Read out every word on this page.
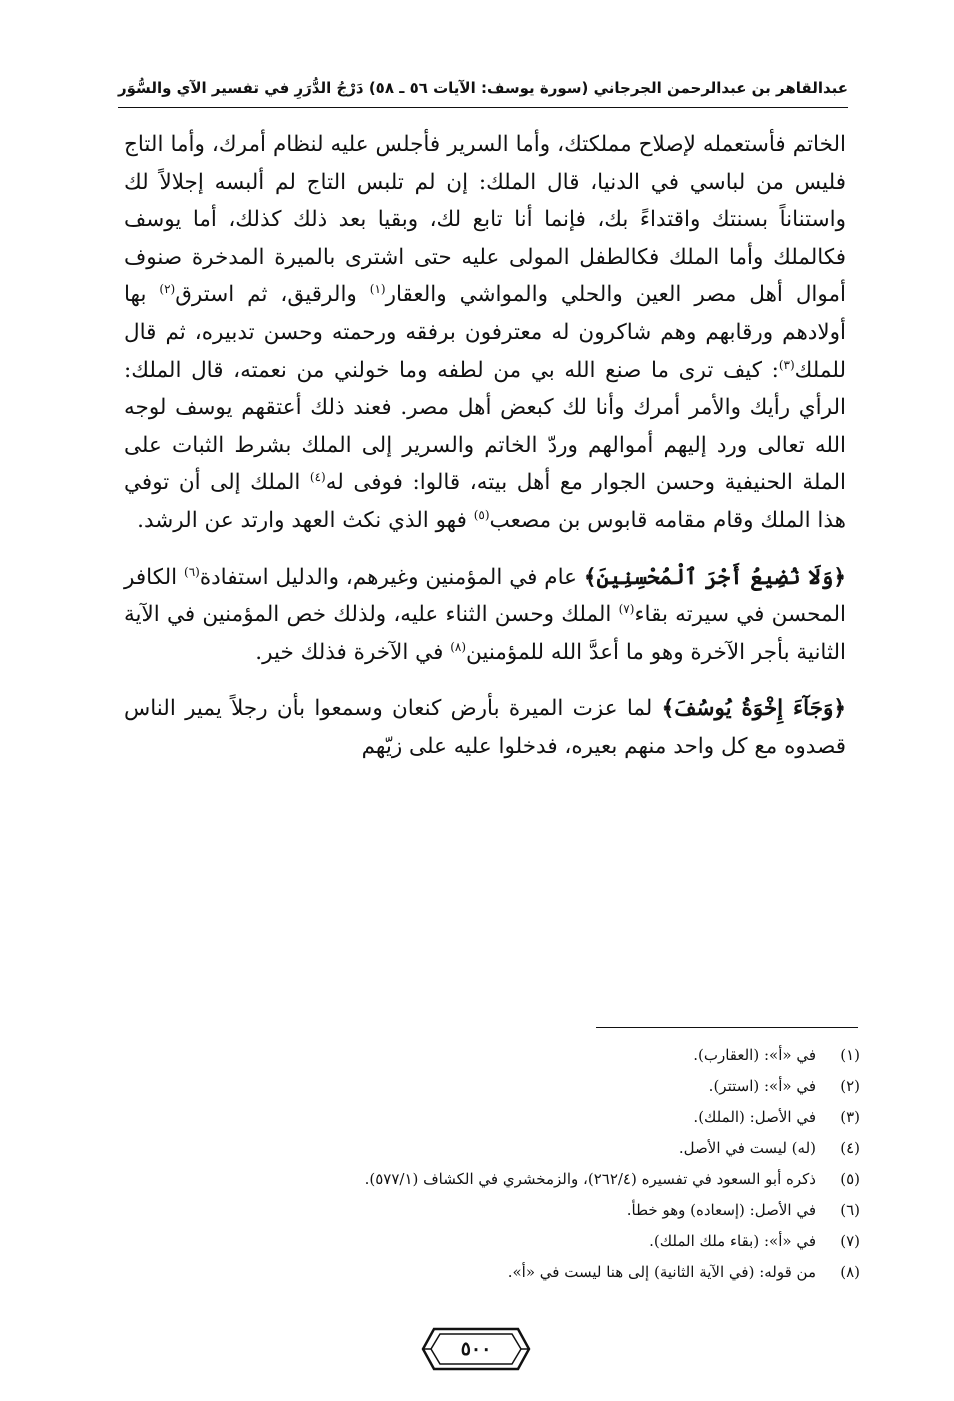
عبدالقاهر بن عبدالرحمن الجرجاني
(سورة يوسف: الآيات ٥٦ ـ ٥٨)
دَرْجُ الدُّرَرِ في تفسير الآي والسُّوَر

الخاتم فأستعمله لإصلاح مملكتك، وأما السرير فأجلس عليه لنظام أمرك، وأما التاج فليس من لباسي في الدنيا، قال الملك: إن لم تلبس التاج لم ألبسه إجلالاً لك واستناناً بسنتك واقتداءً بك، فإنما أنا تابع لك، وبقيا بعد ذلك كذلك، أما يوسف فكالملك وأما الملك فكالطفل المولى عليه حتى اشترى بالميرة المدخرة صنوف أموال أهل مصر العين والحلي والمواشي والعقار$^{(١)}$ والرقيق، ثم استرق$^{(٢)}$ بها أولادهم ورقابهم وهم شاكرون له معترفون برفقه ورحمته وحسن تدبيره، ثم قال للملك$^{(٣)}$: كيف ترى ما صنع الله بي من لطفه وما خولني من نعمته، قال الملك: الرأي رأيك والأمر أمرك وأنا لك كبعض أهل مصر. فعند ذلك أعتقهم يوسف لوجه الله تعالى ورد إليهم أموالهم وردّ الخاتم والسرير إلى الملك بشرط الثبات على الملة الحنيفية وحسن الجوار مع أهل بيته، قالوا: فوفى له$^{(٤)}$ الملك إلى أن توفي هذا الملك وقام مقامه قابوس بن مصعب$^{(٥)}$ فهو الذي نكث العهد وارتد عن الرشد.

﴿وَلَا نُضِيعُ أَجْرَ ٱلْمُحْسِنِينَ﴾ عام في المؤمنين وغيرهم، والدليل استفادة$^{(٦)}$ الكافر المحسن في سيرته بقاء$^{(٧)}$ الملك وحسن الثناء عليه، ولذلك خص المؤمنين في الآية الثانية بأجر الآخرة وهو ما أعدَّ الله للمؤمنين$^{(٨)}$ في الآخرة فذلك خير.

﴿وَجَآءَ إِخْوَةُ يُوسُفَ﴾ لما عزت الميرة بأرض كنعان وسمعوا بأن رجلاً يمير الناس قصدوه مع كل واحد منهم بعيره، فدخلوا عليه على زيّهم

(١)
في «أ»: (العقارب).
(٢)
في «أ»: (استتر).
(٣)
في الأصل: (الملك).
(٤)
(له) ليست في الأصل.
(٥)
ذكره أبو السعود في تفسيره (٢٦٢/٤)، والزمخشري في الكشاف (٥٧٧/١).
(٦)
في الأصل: (إسعاده) وهو خطأ.
(٧)
في «أ»: (بقاء ملك الملك).
(٨)
من قوله: (في الآية الثانية) إلى هنا ليست في «أ».
٥٠٠
